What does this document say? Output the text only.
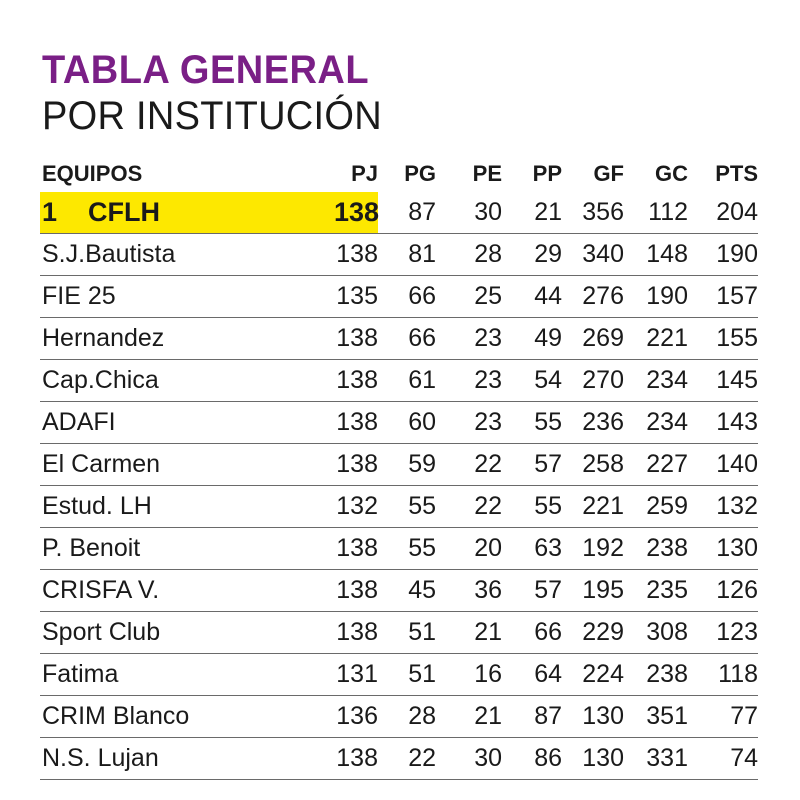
TABLA GENERAL
POR INSTITUCIÓN
EQUIPOS	PJ	PG	PE	PP	GF	GC	PTS
1 CFLH	138	87	30	21	356	112	204
S.J.Bautista	138	81	28	29	340	148	190
FIE 25	135	66	25	44	276	190	157
Hernandez	138	66	23	49	269	221	155
Cap.Chica	138	61	23	54	270	234	145
ADAFI	138	60	23	55	236	234	143
El Carmen	138	59	22	57	258	227	140
Estud. LH	132	55	22	55	221	259	132
P. Benoit	138	55	20	63	192	238	130
CRISFA V.	138	45	36	57	195	235	126
Sport Club	138	51	21	66	229	308	123
Fatima	131	51	16	64	224	238	118
CRIM Blanco	136	28	21	87	130	351	77
N.S. Lujan	138	22	30	86	130	331	74
